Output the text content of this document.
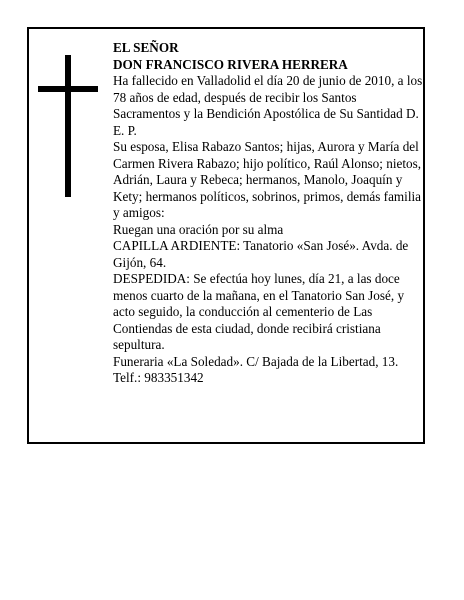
EL SEÑOR

DON FRANCISCO RIVERA HERRERA

Ha fallecido en Valladolid el día 20 de junio de 2010, a los 78 años de edad, después de recibir los Santos Sacramentos y la Bendición Apostólica de Su Santidad D. E. P.

Su esposa, Elisa Rabazo Santos; hijas, Aurora y María del Carmen Rivera Rabazo; hijo político, Raúl Alonso; nietos, Adrián, Laura y Rebeca; hermanos, Manolo, Joaquín y Kety; hermanos políticos, sobrinos, primos, demás familia y amigos:

Ruegan una oración por su alma

CAPILLA ARDIENTE: Tanatorio «San José». Avda. de Gijón, 64.

DESPEDIDA: Se efectúa hoy lunes, día 21, a las doce menos cuarto de la mañana, en el Tanatorio San José, y acto seguido, la conducción al cementerio de Las Contiendas de esta ciudad, donde recibirá cristiana sepultura.

Funeraria «La Soledad». C/ Bajada de la Libertad, 13. Telf.: 983351342
